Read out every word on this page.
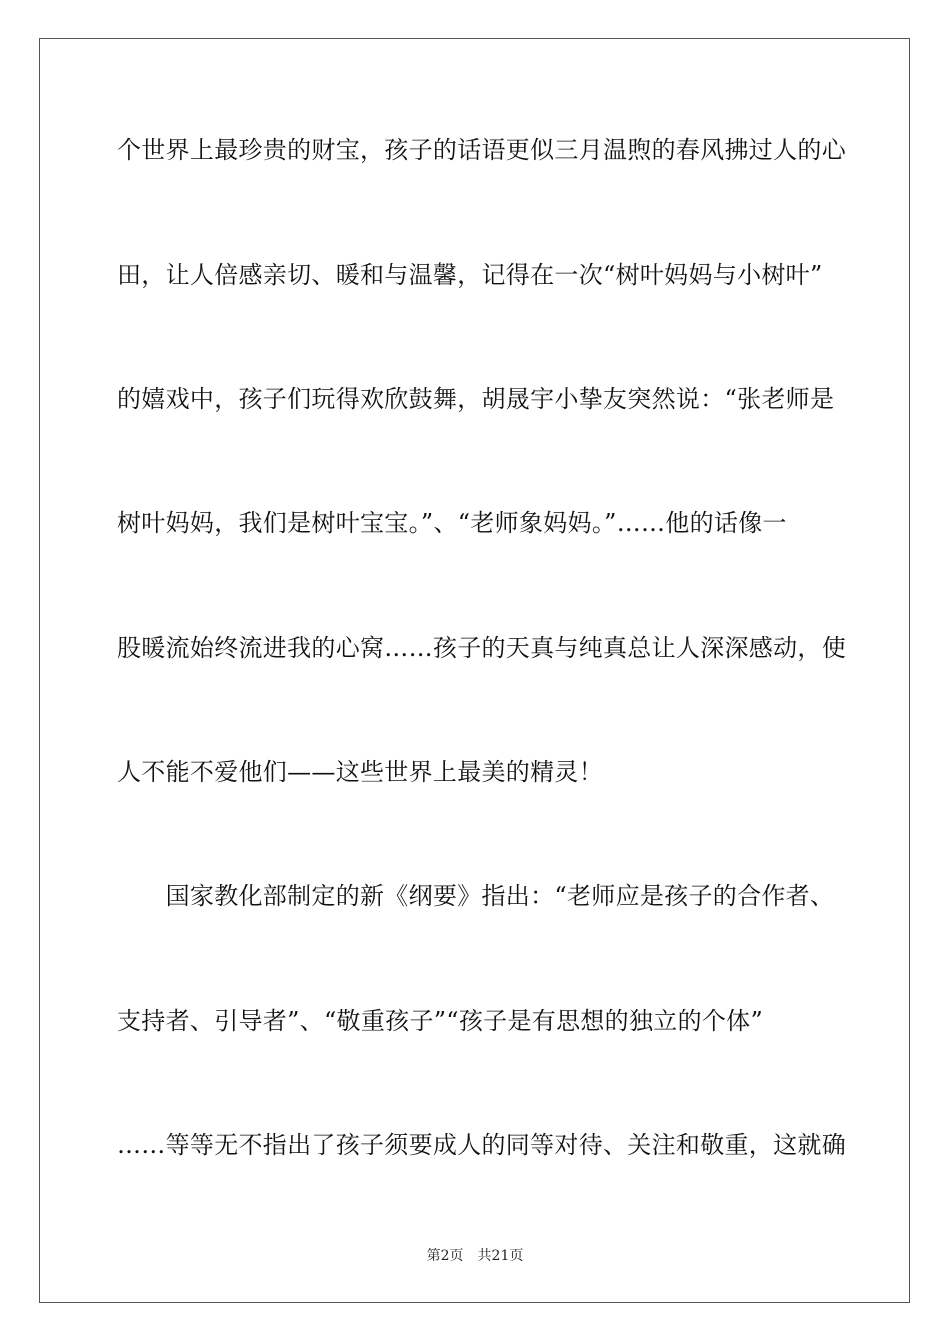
个世界上最珍贵的财宝，孩子的话语更似三月温煦的春风拂过人的心
田，让人倍感亲切、暖和与温馨，记得在一次“树叶妈妈与小树叶”
的嬉戏中，孩子们玩得欢欣鼓舞，胡晟宇小挚友突然说：“张老师是
树叶妈妈，我们是树叶宝宝。”、“老师象妈妈。”……他的话像一
股暖流始终流进我的心窝……孩子的天真与纯真总让人深深感动，使
人不能不爱他们——这些世界上最美的精灵！
　　国家教化部制定的新《纲要》指出：“老师应是孩子的合作者、
支持者、引导者”、“敬重孩子”“孩子是有思想的独立的个体”
……等等无不指出了孩子须要成人的同等对待、关注和敬重，这就确
第2页　共21页
